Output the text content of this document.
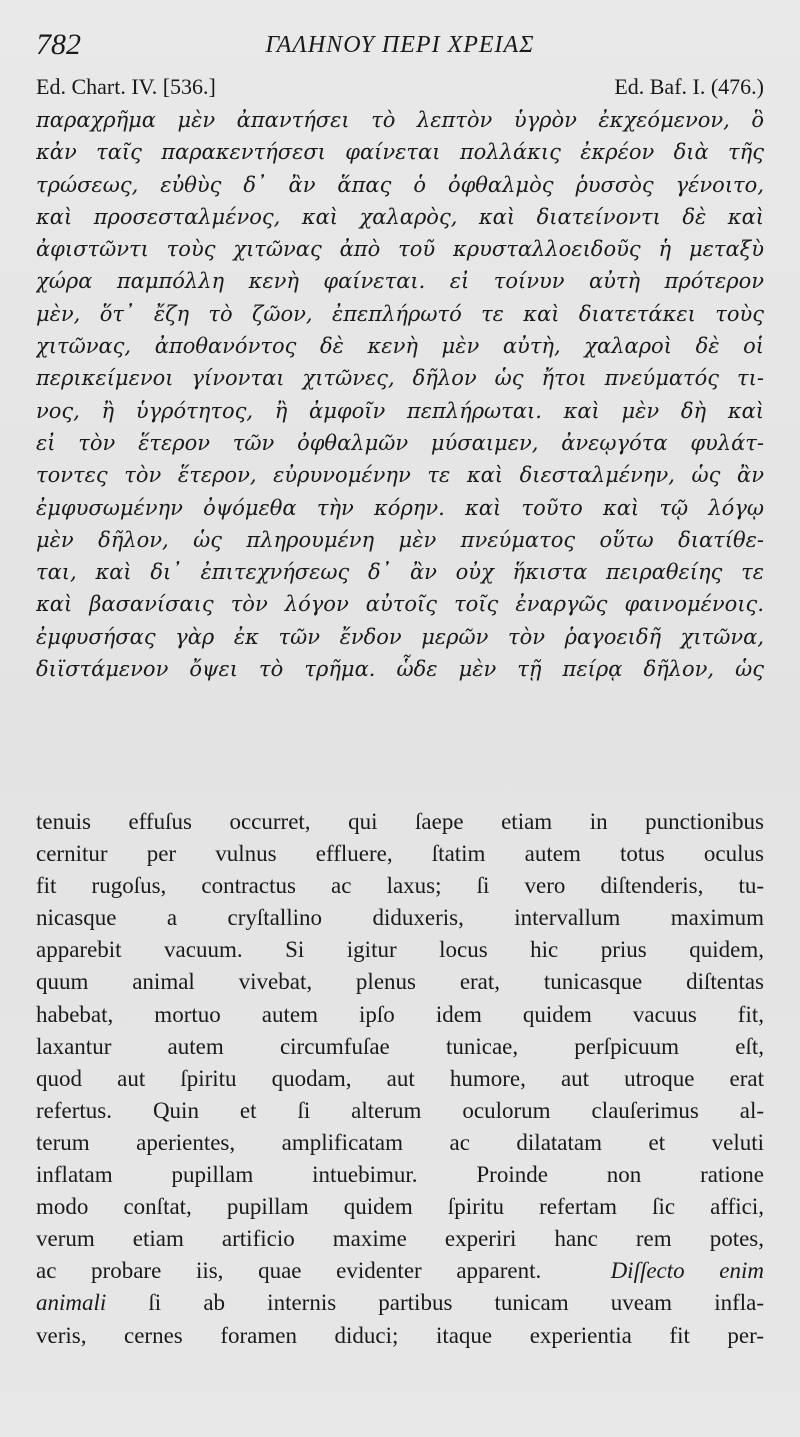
782	ΓΑΛΗΝΟΥ ΠΕΡΙ ΧΡΕΙΑΣ
Ed. Chart. IV. [536.]	Ed. Baf. I. (476.)
παραχρῆμα μὲν ἀπαντήσει τὸ λεπτὸν ὑγρὸν ἐκχεόμενον, ὃ
κἀν ταῖς παρακεντήσεσι φαίνεται πολλάκις ἐκρέον διὰ τῆς
τρώσεως, εὐθὺς δ᾿ ἂν ἅπας ὁ ὀφθαλμὸς ῥυσσὸς γένοιτο,
καὶ προσεσταλμένος, καὶ χαλαρὸς, καὶ διατείνοντι δὲ καὶ
ἀφιστῶντι τοὺς χιτῶνας ἀπὸ τοῦ κρυσταλλοειδοῦς ἡ μεταξὺ
χώρα παμπόλλη κενὴ φαίνεται. εἰ τοίνυν αὐτὴ πρότερον
μὲν, ὅτ᾿ ἔζη τὸ ζῶον, ἐπεπλήρωτό τε καὶ διατετάκει τοὺς
χιτῶνας, ἀποθανόντος δὲ κενὴ μὲν αὐτὴ, χαλαροὶ δὲ οἱ
περικείμενοι γίνονται χιτῶνες, δῆλον ὡς ἤτοι πνεύματός τι-
νος, ἢ ὑγρότητος, ἢ ἀμφοῖν πεπλήρωται. καὶ μὲν δὴ καὶ
εἰ τὸν ἕτερον τῶν ὀφθαλμῶν μύσαιμεν, ἀνεῳγότα φυλάτ-
τοντες τὸν ἕτερον, εὐρυνομένην τε καὶ διεσταλμένην, ὡς ἂν
ἐμφυσωμένην ὀψόμεθα τὴν κόρην. καὶ τοῦτο καὶ τῷ λόγῳ
μὲν δῆλον, ὡς πληρουμένη μὲν πνεύματος οὕτω διατίθε-
ται, καὶ δι᾿ ἐπιτεχνήσεως δ᾿ ἂν οὐχ ἥκιστα πειραθείης τε
καὶ βασανίσαις τὸν λόγον αὐτοῖς τοῖς ἐναργῶς φαινομένοις.
ἐμφυσήσας γὰρ ἐκ τῶν ἔνδον μερῶν τὸν ῥαγοειδῆ χιτῶνα,
διϊστάμενον ὄψει τὸ τρῆμα. ὧδε μὲν τῇ πείρᾳ δῆλον, ὡς
tenuis effuſus occurret, qui ſaepe etiam in punctionibus
cernitur per vulnus effluere, ſtatim autem totus oculus
fit rugoſus, contractus ac laxus; ſi vero diſtenderis, tu-
nicasque a cryſtallino diduxeris, intervallum maximum
apparebit vacuum. Si igitur locus hic prius quidem,
quum animal vivebat, plenus erat, tunicasque diſtentas
habebat, mortuo autem ipſo idem quidem vacuus fit,
laxantur autem circumfuſae tunicae, perſpicuum eſt,
quod aut ſpiritu quodam, aut humore, aut utroque erat
refertus. Quin et ſi alterum oculorum clauſerimus al-
terum aperientes, amplificatam ac dilatatam et veluti
inflatam pupillam intuebimur. Proinde non ratione
modo conſtat, pupillam quidem ſpiritu refertam ſic affici,
verum etiam artificio maxime experiri hanc rem potes,
ac probare iis, quae evidenter apparent.	Diſſecto enim
animali ſi ab internis partibus tunicam uveam infla-
veris, cernes foramen diduci; itaque experientia fit per-
